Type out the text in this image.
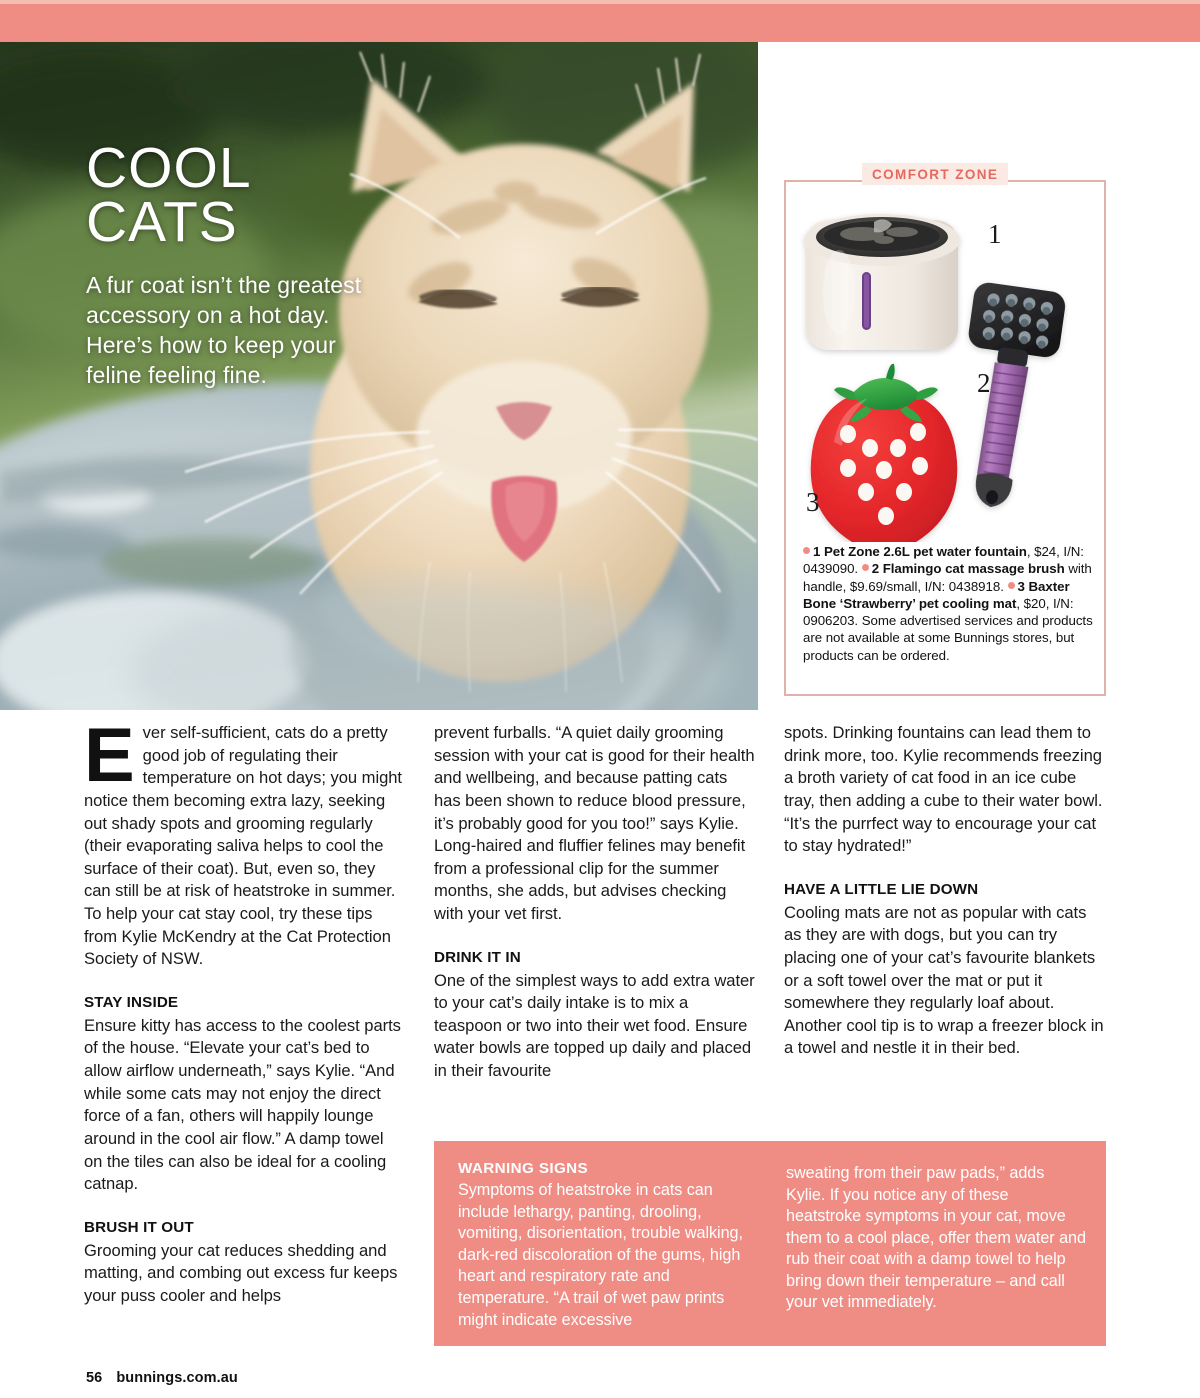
COOL
CATS

A fur coat isn’t the greatest accessory on a hot day. Here’s how to keep your feline feeling fine.

COMFORT ZONE
1
2
3
1 Pet Zone 2.6L pet water fountain, $24, I/N: 0439090. 2 Flamingo cat massage brush with handle, $9.69/small, I/N: 0438918. 3 Baxter Bone ‘Strawberry’ pet cooling mat, $20, I/N: 0906203. Some advertised services and products are not available at some Bunnings stores, but products can be ordered.

Ever self-sufficient, cats do a pretty good job of regulating their temperature on hot days; you might notice them becoming extra lazy, seeking out shady spots and grooming regularly (their evaporating saliva helps to cool the surface of their coat). But, even so, they can still be at risk of heatstroke in summer. To help your cat stay cool, try these tips from Kylie McKendry at the Cat Protection Society of NSW.

STAY INSIDE

Ensure kitty has access to the coolest parts of the house. “Elevate your cat’s bed to allow airflow underneath,” says Kylie. “And while some cats may not enjoy the direct force of a fan, others will happily lounge around in the cool air flow.” A damp towel on the tiles can also be ideal for a cooling catnap.

BRUSH IT OUT

Grooming your cat reduces shedding and matting, and combing out excess fur keeps your puss cooler and helps

prevent furballs. “A quiet daily grooming session with your cat is good for their health and wellbeing, and because patting cats has been shown to reduce blood pressure, it’s probably good for you too!” says Kylie. Long-haired and fluffier felines may benefit from a professional clip for the summer months, she adds, but advises checking with your vet first.

DRINK IT IN

One of the simplest ways to add extra water to your cat’s daily intake is to mix a teaspoon or two into their wet food. Ensure water bowls are topped up daily and placed in their favourite

spots. Drinking fountains can lead them to drink more, too. Kylie recommends freezing a broth variety of cat food in an ice cube tray, then adding a cube to their water bowl. “It’s the purrfect way to encourage your cat to stay hydrated!”

HAVE A LITTLE LIE DOWN

Cooling mats are not as popular with cats as they are with dogs, but you can try placing one of your cat’s favourite blankets or a soft towel over the mat or put it somewhere they regularly loaf about. Another cool tip is to wrap a freezer block in a towel and nestle it in their bed.

WARNING SIGNS
Symptoms of heatstroke in cats can include lethargy, panting, drooling, vomiting, disorientation, trouble walking, dark-red discoloration of the gums, high heart and respiratory rate and temperature. “A trail of wet paw prints might indicate excessive
sweating from their paw pads,” adds Kylie. If you notice any of these heatstroke symptoms in your cat, move them to a cool place, offer them water and rub their coat with a damp towel to help bring down their temperature – and call your vet immediately.
56 bunnings.com.au
